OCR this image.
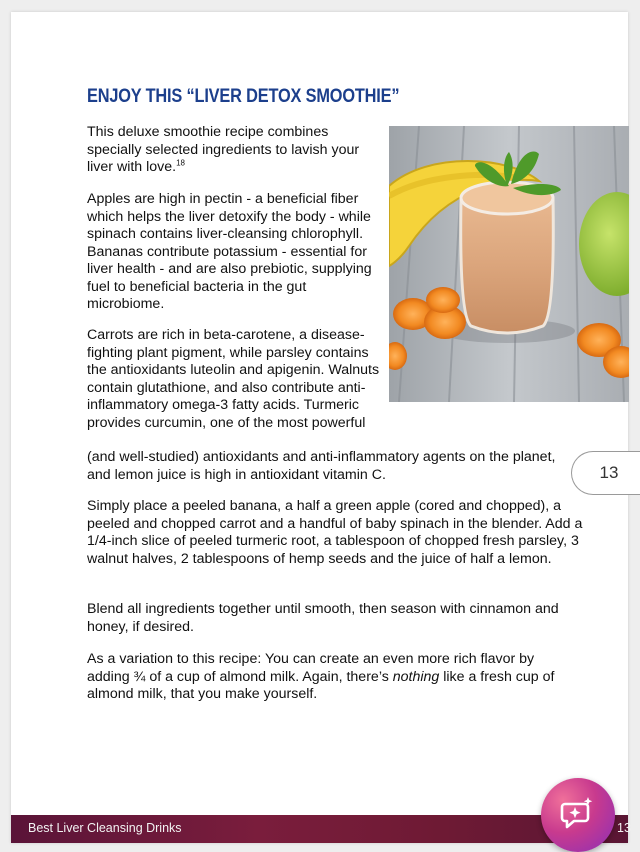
ENJOY THIS “LIVER DETOX SMOOTHIE”

This deluxe smoothie recipe combines specially selected ingredients to lavish your liver with love.$^{18}$

Apples are high in pectin - a beneficial fiber which helps the liver detoxify the body - while spinach contains liver-cleansing chlorophyll. Bananas contribute potassium - essential for liver health - and are also prebiotic, supplying fuel to beneficial bacteria in the gut microbiome.

Carrots are rich in beta-carotene, a disease-fighting plant pigment, while parsley contains the antioxidants luteolin and apigenin. Walnuts contain glutathione, and also contribute anti-inflammatory omega-3 fatty acids. Turmeric provides curcumin, one of the most powerful

(and well-studied) antioxidants and anti-inflammatory agents on the planet, and lemon juice is high in antioxidant vitamin C.

Simply place a peeled banana, a half a green apple (cored and chopped), a peeled and chopped carrot and a handful of baby spinach in the blender. Add a 1/4-inch slice of peeled turmeric root, a tablespoon of chopped fresh parsley, 3 walnut halves, 2 tablespoons of hemp seeds and the juice of half a lemon.

Blend all ingredients together until smooth, then season with cinnamon and honey, if desired.

As a variation to this recipe: You can create an even more rich flavor by adding ¾ of a cup of almond milk. Again, there’s nothing like a fresh cup of almond milk, that you make yourself.

13
Best Liver Cleansing Drinks	13
